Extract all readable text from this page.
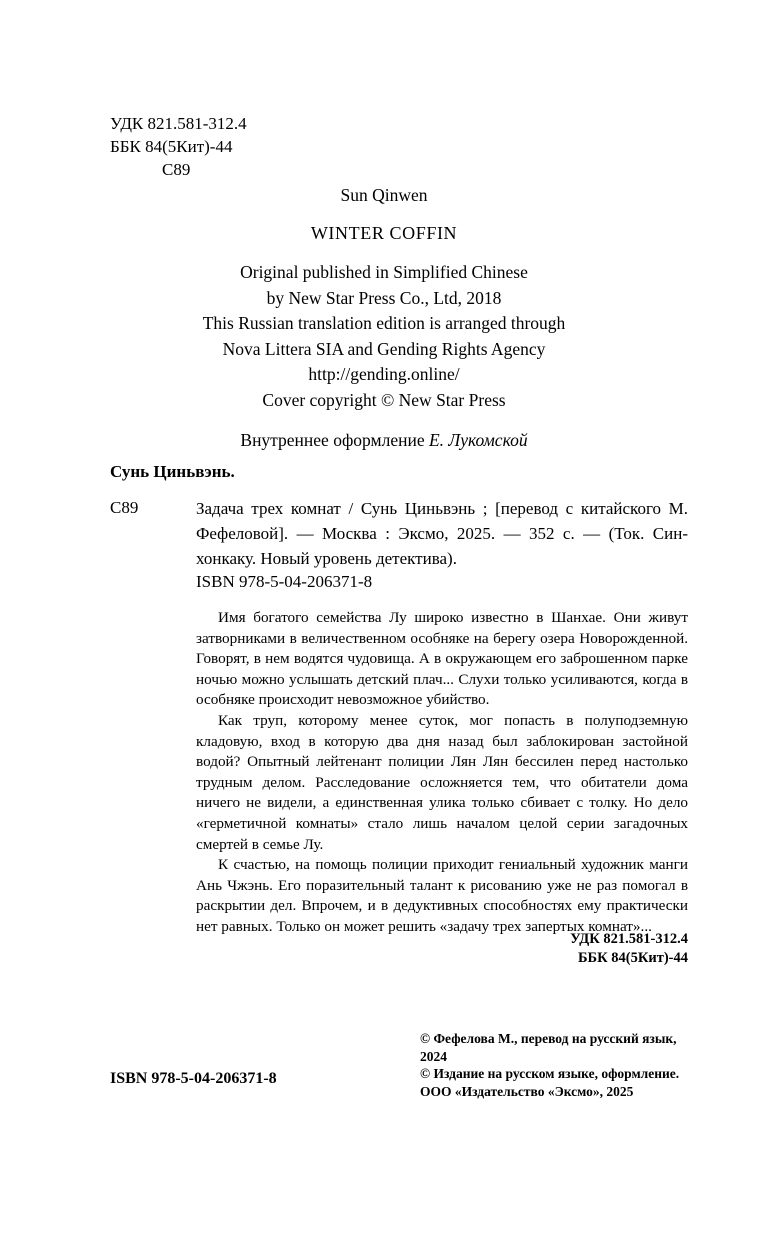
УДК 821.581-312.4
ББК 84(5Кит)-44
С89
Sun Qinwen
WINTER COFFIN
Original published in Simplified Chinese
by New Star Press Co., Ltd, 2018
This Russian translation edition is arranged through
Nova Littera SIA and Gending Rights Agency
http://gending.online/
Cover copyright © New Star Press
Внутреннее оформление Е. Лукомской
Сунь Циньвэнь.
С89	Задача трех комнат / Сунь Циньвэнь ; [перевод с китайского М. Фефеловой]. — Москва : Эксмо, 2025. — 352 с. — (Ток. Син-хонкаку. Новый уровень детектива).
ISBN 978-5-04-206371-8

Имя богатого семейства Лу широко известно в Шанхае. Они живут затворниками в величественном особняке на берегу озера Новорожденной. Говорят, в нем водятся чудовища. А в окружающем его заброшенном парке ночью можно услышать детский плач... Слухи только усиливаются, когда в особняке происходит невозможное убийство.

Как труп, которому менее суток, мог попасть в полуподземную кладовую, вход в которую два дня назад был заблокирован застойной водой? Опытный лейтенант полиции Лян Лян бессилен перед настолько трудным делом. Расследование осложняется тем, что обитатели дома ничего не видели, а единственная улика только сбивает с толку. Но дело «герметичной комнаты» стало лишь началом целой серии загадочных смертей в семье Лу.

К счастью, на помощь полиции приходит гениальный художник манги Ань Чжэнь. Его поразительный талант к рисованию уже не раз помогал в раскрытии дел. Впрочем, и в дедуктивных способностях ему практически нет равных. Только он может решить «задачу трех запертых комнат»...

УДК 821.581-312.4
ББК 84(5Кит)-44
© Фефелова М., перевод на русский язык,
2024
© Издание на русском языке, оформление.
ООО «Издательство «Эксмо», 2025
ISBN 978-5-04-206371-8
